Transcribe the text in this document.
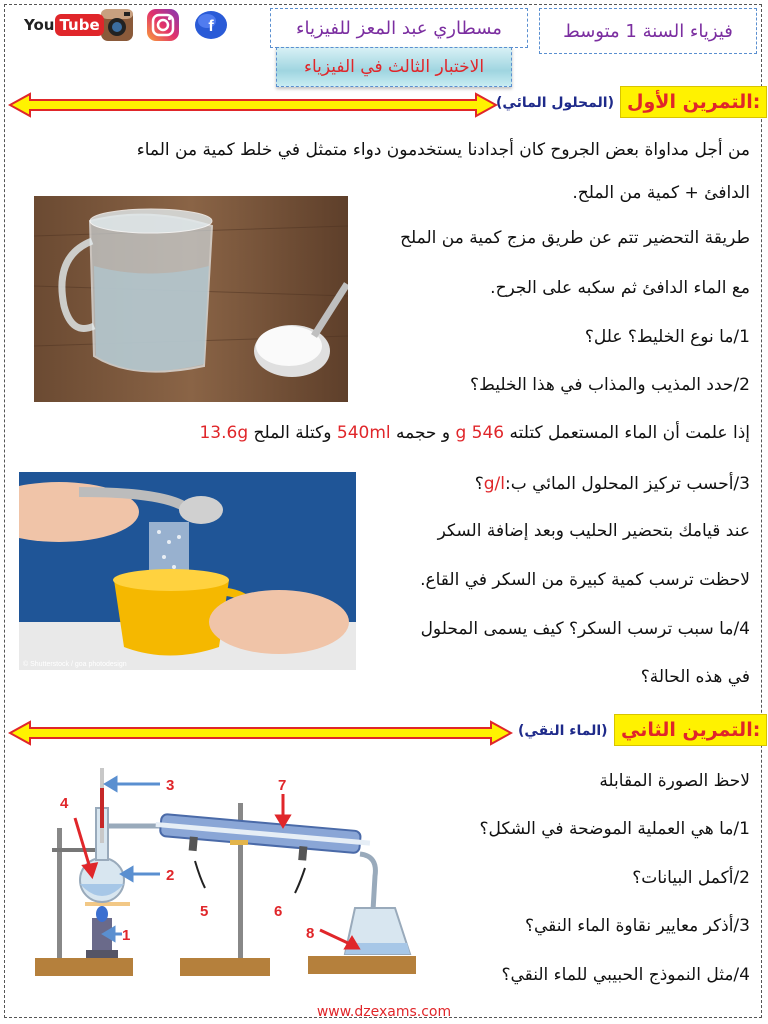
You Tube	f	فيزياء السنة 1 متوسط
مسطاري عبد المعز للفيزياء
الاختبار الثالث في الفيزياء
(المحلول المائي) التمرين الأول:
من أجل مداواة بعض الجروح كان أجدادنا يستخدمون دواء متمثل في خلط كمية من الماء
الدافئ + كمية من الملح.
طريقة التحضير تتم عن طريق مزج كمية من الملح
مع الماء الدافئ ثم سكبه على الجرح.
1/ما نوع الخليط؟ علل؟
2/حدد المذيب والمذاب في هذا الخليط؟
إذا علمت أن الماء المستعمل كتلته 546 g و حجمه 540ml وكتلة الملح 13.6g
3/أحسب تركيز المحلول المائي ب:g/l؟
عند قيامك بتحضير الحليب وبعد إضافة السكر
لاحظت ترسب كمية كبيرة من السكر في القاع.
4/ما سبب ترسب السكر؟ كيف يسمى المحلول
في هذه الحالة؟
© Shutterstock / goa photodesign
(الماء النقي) التمرين الثاني:
لاحظ الصورة المقابلة
1/ما هي العملية الموضحة في الشكل؟
2/أكمل البيانات؟
3/أذكر معايير نقاوة الماء النقي؟
4/مثل النموذج الحبيبي للماء النقي؟
1
2
3
4
5	6
7
8
www.dzexams.com
